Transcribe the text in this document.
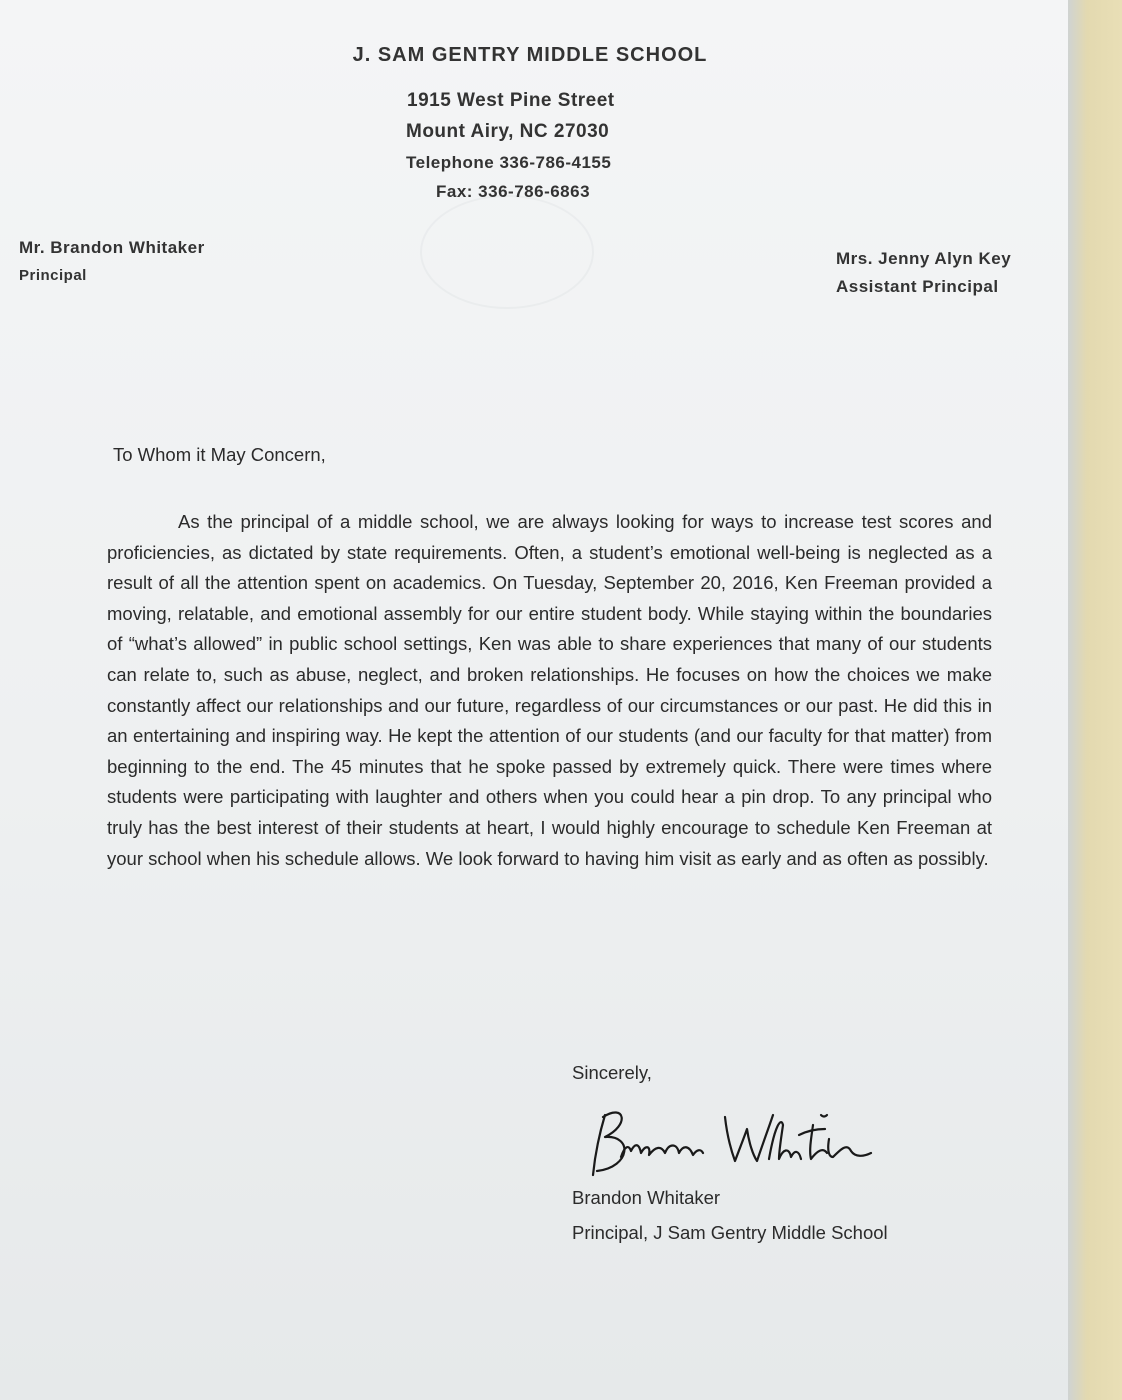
J. SAM GENTRY MIDDLE SCHOOL
1915 West Pine Street
Mount Airy, NC 27030
Telephone 336-786-4155
Fax: 336-786-6863
Mr. Brandon Whitaker
Principal
Mrs. Jenny Alyn Key
Assistant Principal
To Whom it May Concern,

As the principal of a middle school, we are always looking for ways to increase test scores and proficiencies, as dictated by state requirements. Often, a student’s emotional well-being is neglected as a result of all the attention spent on academics. On Tuesday, September 20, 2016, Ken Freeman provided a moving, relatable, and emotional assembly for our entire student body. While staying within the boundaries of “what’s allowed” in public school settings, Ken was able to share experiences that many of our students can relate to, such as abuse, neglect, and broken relationships. He focuses on how the choices we make constantly affect our relationships and our future, regardless of our circumstances or our past. He did this in an entertaining and inspiring way. He kept the attention of our students (and our faculty for that matter) from beginning to the end. The 45 minutes that he spoke passed by extremely quick. There were times where students were participating with laughter and others when you could hear a pin drop. To any principal who truly has the best interest of their students at heart, I would highly encourage to schedule Ken Freeman at your school when his schedule allows. We look forward to having him visit as early and as often as possibly.

Sincerely,
Brandon Whitaker
Principal, J Sam Gentry Middle School
